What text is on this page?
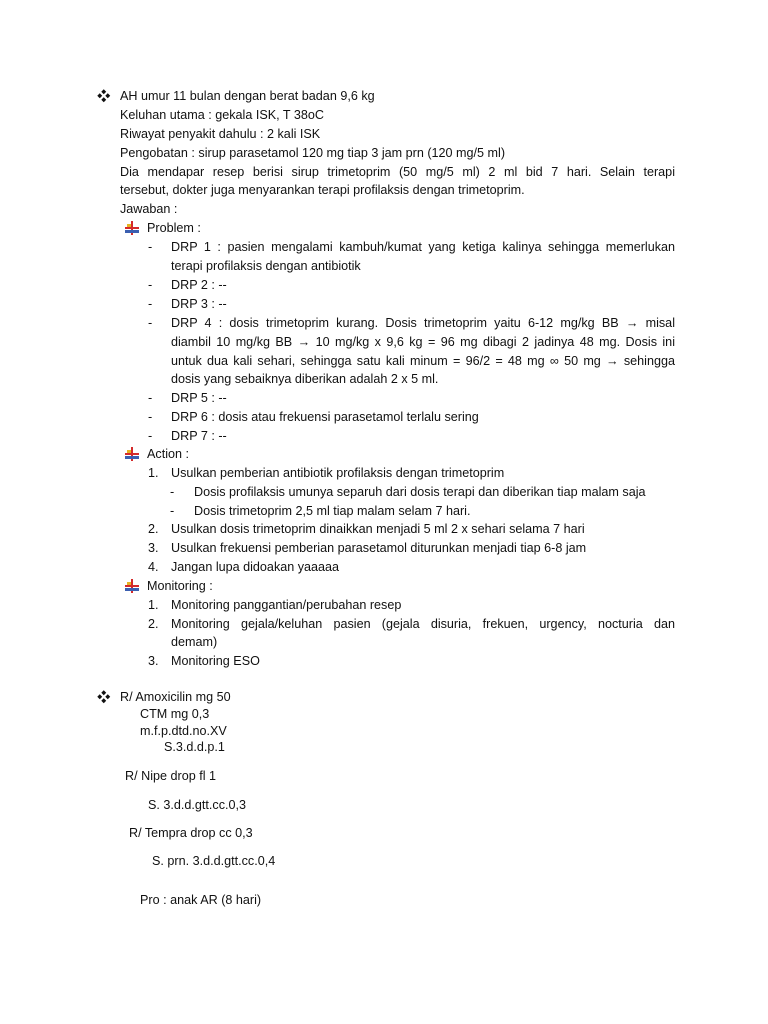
AH umur 11 bulan dengan berat badan 9,6 kg
Keluhan utama : gekala ISK, T 38oC
Riwayat penyakit dahulu : 2 kali ISK
Pengobatan : sirup parasetamol 120 mg tiap 3 jam prn (120 mg/5 ml)
Dia mendapar resep berisi sirup trimetoprim (50 mg/5 ml) 2 ml bid 7 hari. Selain terapi
tersebut, dokter juga menyarankan terapi profilaksis dengan trimetoprim.
Jawaban :
Problem :
- DRP 1 : pasien mengalami kambuh/kumat yang ketiga kalinya sehingga memerlukan
terapi profilaksis dengan antibiotik
- DRP 2 : --
- DRP 3 : --
- DRP 4 : dosis trimetoprim kurang. Dosis trimetoprim yaitu 6-12 mg/kg BB → misal
diambil 10 mg/kg BB → 10 mg/kg x 9,6 kg = 96 mg dibagi 2 jadinya 48 mg. Dosis ini
untuk dua kali sehari, sehingga satu kali minum = 96/2 = 48 mg ∞ 50 mg → sehingga
dosis yang sebaiknya diberikan adalah 2 x 5 ml.
- DRP 5 : --
- DRP 6 : dosis atau frekuensi parasetamol terlalu sering
- DRP 7 : --
Action :
1. Usulkan pemberian antibiotik profilaksis dengan trimetoprim
- Dosis profilaksis umunya separuh dari dosis terapi dan diberikan tiap malam saja
- Dosis trimetoprim 2,5 ml tiap malam selam 7 hari.
2. Usulkan dosis trimetoprim dinaikkan menjadi 5 ml 2 x sehari selama 7 hari
3. Usulkan frekuensi pemberian parasetamol diturunkan menjadi tiap 6-8 jam
4. Jangan lupa didoakan yaaaaa
Monitoring :
1. Monitoring panggantian/perubahan resep
2. Monitoring gejala/keluhan pasien (gejala disuria, frekuen, urgency, nocturia dan
demam)
3. Monitoring ESO
R/ Amoxicilin mg 50
CTM mg 0,3
m.f.p.dtd.no.XV
S.3.d.d.p.1
R/ Nipe drop fl 1
S. 3.d.d.gtt.cc.0,3
R/ Tempra drop cc 0,3
S. prn. 3.d.d.gtt.cc.0,4
Pro : anak AR (8 hari)
